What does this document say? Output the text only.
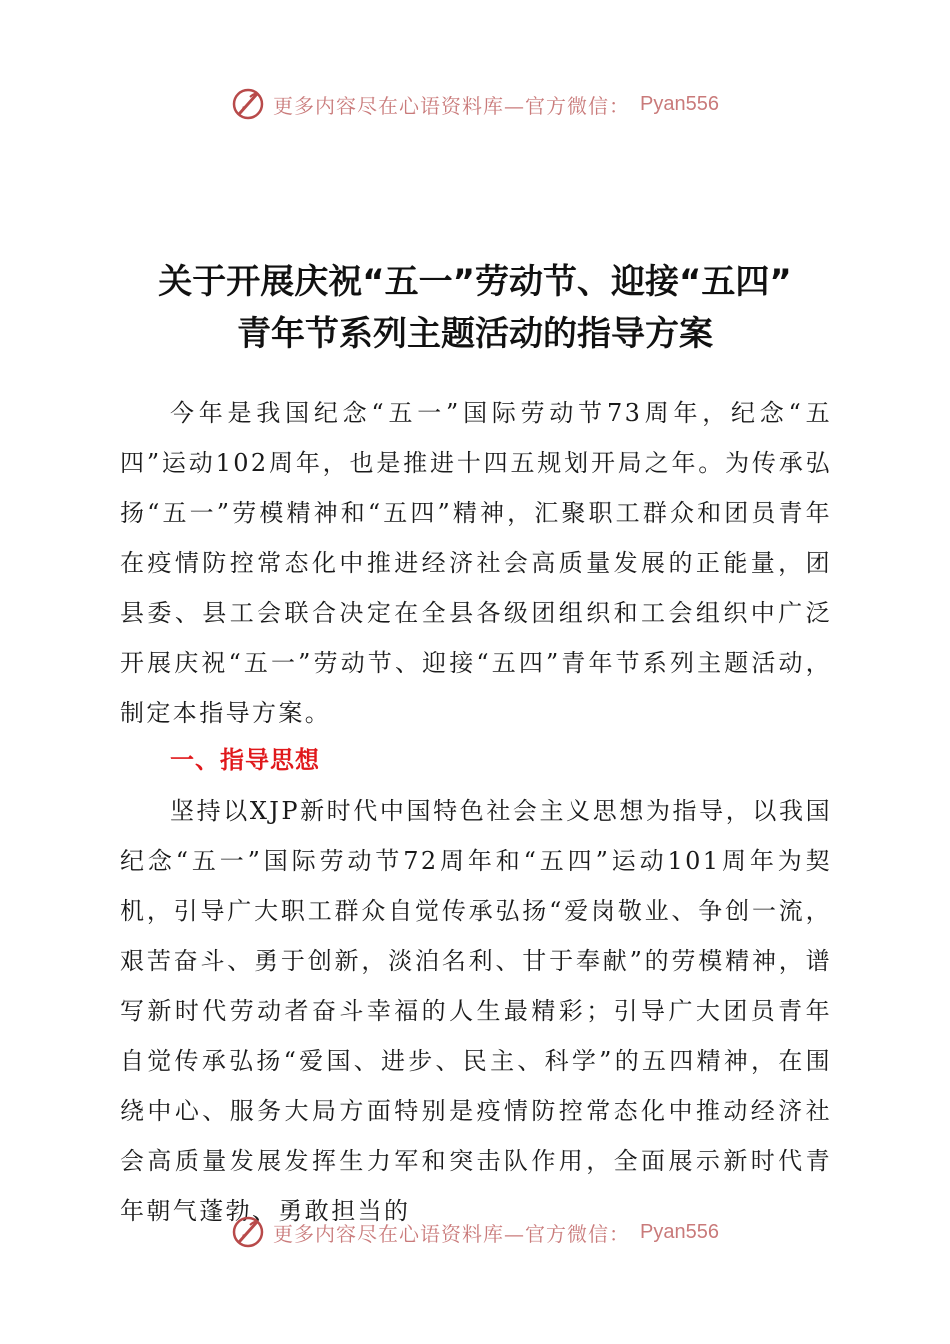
更多内容尽在心语资料库—官方微信： Pyan556
关于开展庆祝“五一”劳动节、迎接“五四”
青年节系列主题活动的指导方案
今年是我国纪念“五一”国际劳动节73周年，纪念“五四”运动102周年，也是推进十四五规划开局之年。为传承弘扬“五一”劳模精神和“五四”精神，汇聚职工群众和团员青年在疫情防控常态化中推进经济社会高质量发展的正能量，团县委、县工会联合决定在全县各级团组织和工会组织中广泛开展庆祝“五一”劳动节、迎接“五四”青年节系列主题活动，制定本指导方案。
一、指导思想
坚持以XJP新时代中国特色社会主义思想为指导，以我国纪念“五一”国际劳动节72周年和“五四”运动101周年为契机，引导广大职工群众自觉传承弘扬“爱岗敬业、争创一流，艰苦奋斗、勇于创新，淡泊名利、甘于奉献”的劳模精神，谱写新时代劳动者奋斗幸福的人生最精彩；引导广大团员青年自觉传承弘扬“爱国、进步、民主、科学”的五四精神，在围绕中心、服务大局方面特别是疫情防控常态化中推动经济社会高质量发展发挥生力军和突击队作用，全面展示新时代青年朝气蓬勃、勇敢担当的
更多内容尽在心语资料库—官方微信： Pyan556
